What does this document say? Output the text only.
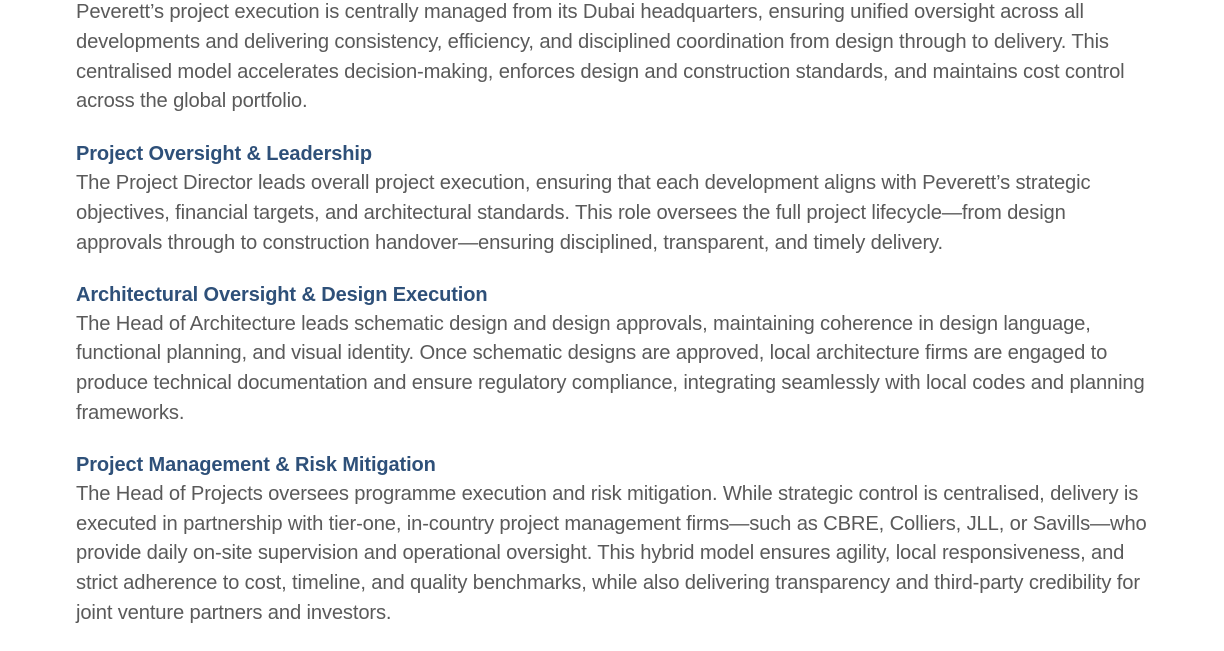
Peverett’s project execution is centrally managed from its Dubai headquarters, ensuring unified oversight across all developments and delivering consistency, efficiency, and disciplined coordination from design through to delivery. This centralised model accelerates decision-making, enforces design and construction standards, and maintains cost control across the global portfolio.

Project Oversight & Leadership

The Project Director leads overall project execution, ensuring that each development aligns with Peverett’s strategic objectives, financial targets, and architectural standards. This role oversees the full project lifecycle—from design approvals through to construction handover—ensuring disciplined, transparent, and timely delivery.

Architectural Oversight & Design Execution

The Head of Architecture leads schematic design and design approvals, maintaining coherence in design language, functional planning, and visual identity. Once schematic designs are approved, local architecture firms are engaged to produce technical documentation and ensure regulatory compliance, integrating seamlessly with local codes and planning frameworks.

Project Management & Risk Mitigation

The Head of Projects oversees programme execution and risk mitigation. While strategic control is centralised, delivery is executed in partnership with tier-one, in-country project management firms—such as CBRE, Colliers, JLL, or Savills—who provide daily on-site supervision and operational oversight. This hybrid model ensures agility, local responsiveness, and strict adherence to cost, timeline, and quality benchmarks, while also delivering transparency and third-party credibility for joint venture partners and investors.
